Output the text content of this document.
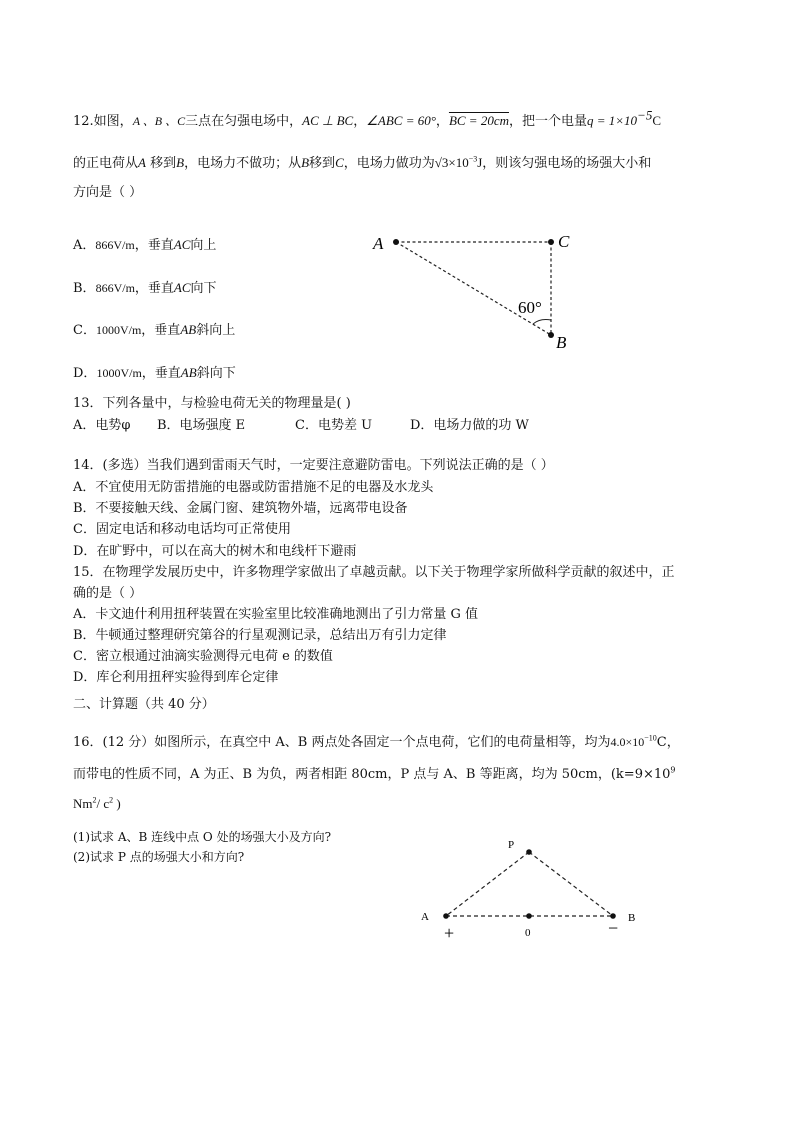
12.如图，A 、B 、C三点在匀强电场中，AC ⊥ BC，∠ABC = 60°，BC = 20cm，把一个电量$q = 1\times 10^{-5}C$
的正电荷从A 移到B，电场力不做功；从B移到C，电场力做功为$√3\times 10^{-3}J$，则该匀强电场的场强大小和
方向是（ ）
A．866V/m，垂直AC向上
B．866V/m，垂直AC向下
C．1000V/m，垂直AB斜向上
D．1000V/m，垂直AB斜向下
A	C
B
60°
13．下列各量中，与检验电荷无关的物理量是( )
A．电势φ B．电场强度 E	C．电势差 U	D．电场力做的功 W
14．(多选）当我们遇到雷雨天气时，一定要注意避防雷电。下列说法正确的是（ ）
A．不宜使用无防雷措施的电器或防雷措施不足的电器及水龙头
B．不要接触天线、金属门窗、建筑物外墙，远离带电设备
C．固定电话和移动电话均可正常使用
D．在旷野中，可以在高大的树木和电线杆下避雨
15．在物理学发展历史中，许多物理学家做出了卓越贡献。以下关于物理学家所做科学贡献的叙述中，正
确的是（ ）
A．卡文迪什利用扭秤装置在实验室里比较准确地测出了引力常量 G 值
B．牛顿通过整理研究第谷的行星观测记录，总结出万有引力定律
C．密立根通过油滴实验测得元电荷 e 的数值
D．库仑利用扭秤实验得到库仑定律
二、计算题（共 40 分）
16．(12 分）如图所示，在真空中 A、B 两点处各固定一个点电荷，它们的电荷量相等，均为$4.0\times 10^{-10}C$，
而带电的性质不同，A 为正、B 为负，两者相距 80cm，P 点与 A、B 等距离，均为 50cm，($k=9\times 10^9$
Nm$^2$/ $c^2$ )
(1)试求 A、B 连线中点 O 处的场强大小及方向?
(2)试求 P 点的场强大小和方向?
P
A	B
0
+	−
